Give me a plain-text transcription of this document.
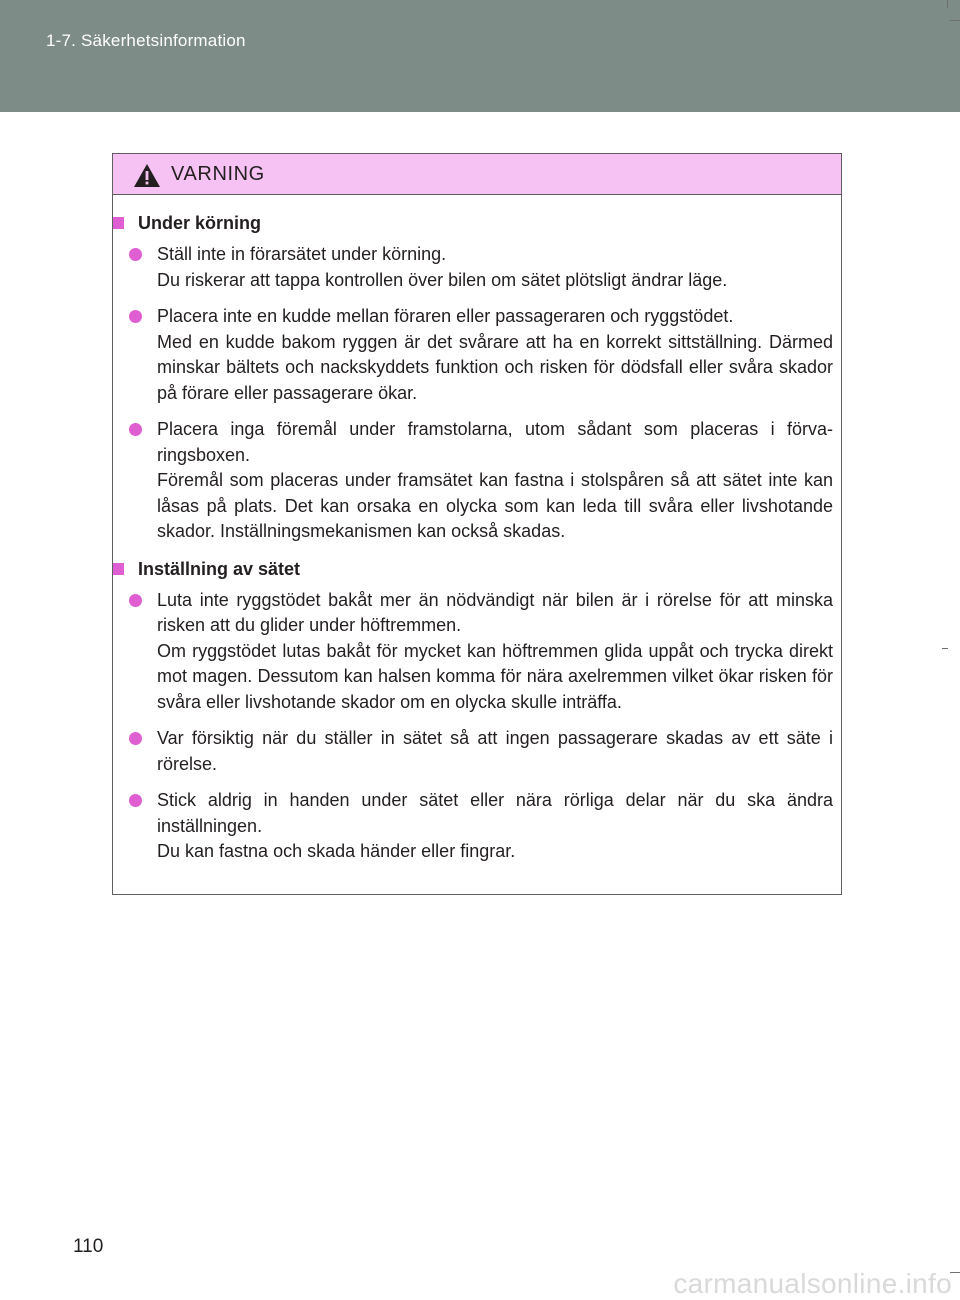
1-7. Säkerhetsinformation
VARNING
Under körning

Ställ inte in förarsätet under körning.

Du riskerar att tappa kontrollen över bilen om sätet plötsligt ändrar läge.

Placera inte en kudde mellan föraren eller passageraren och ryggstödet.

Med en kudde bakom ryggen är det svårare att ha en korrekt sittställning. Därmed minskar bältets och nackskyddets funktion och risken för dödsfall eller svåra skador på förare eller passagerare ökar.

Placera inga föremål under framstolarna, utom sådant som placeras i förva- ringsboxen.

Föremål som placeras under framsätet kan fastna i stolspåren så att sätet inte kan låsas på plats. Det kan orsaka en olycka som kan leda till svåra eller livshotande skador. Inställningsmekanismen kan också skadas.

Inställning av sätet

Luta inte ryggstödet bakåt mer än nödvändigt när bilen är i rörelse för att minska risken att du glider under höftremmen.

Om ryggstödet lutas bakåt för mycket kan höftremmen glida uppåt och trycka direkt mot magen. Dessutom kan halsen komma för nära axelremmen vilket ökar risken för svåra eller livshotande skador om en olycka skulle inträffa.

Var försiktig när du ställer in sätet så att ingen passagerare skadas av ett säte i rörelse.

Stick aldrig in handen under sätet eller nära rörliga delar när du ska ändra inställningen.

Du kan fastna och skada händer eller fingrar.

110
carmanualsonline.info
